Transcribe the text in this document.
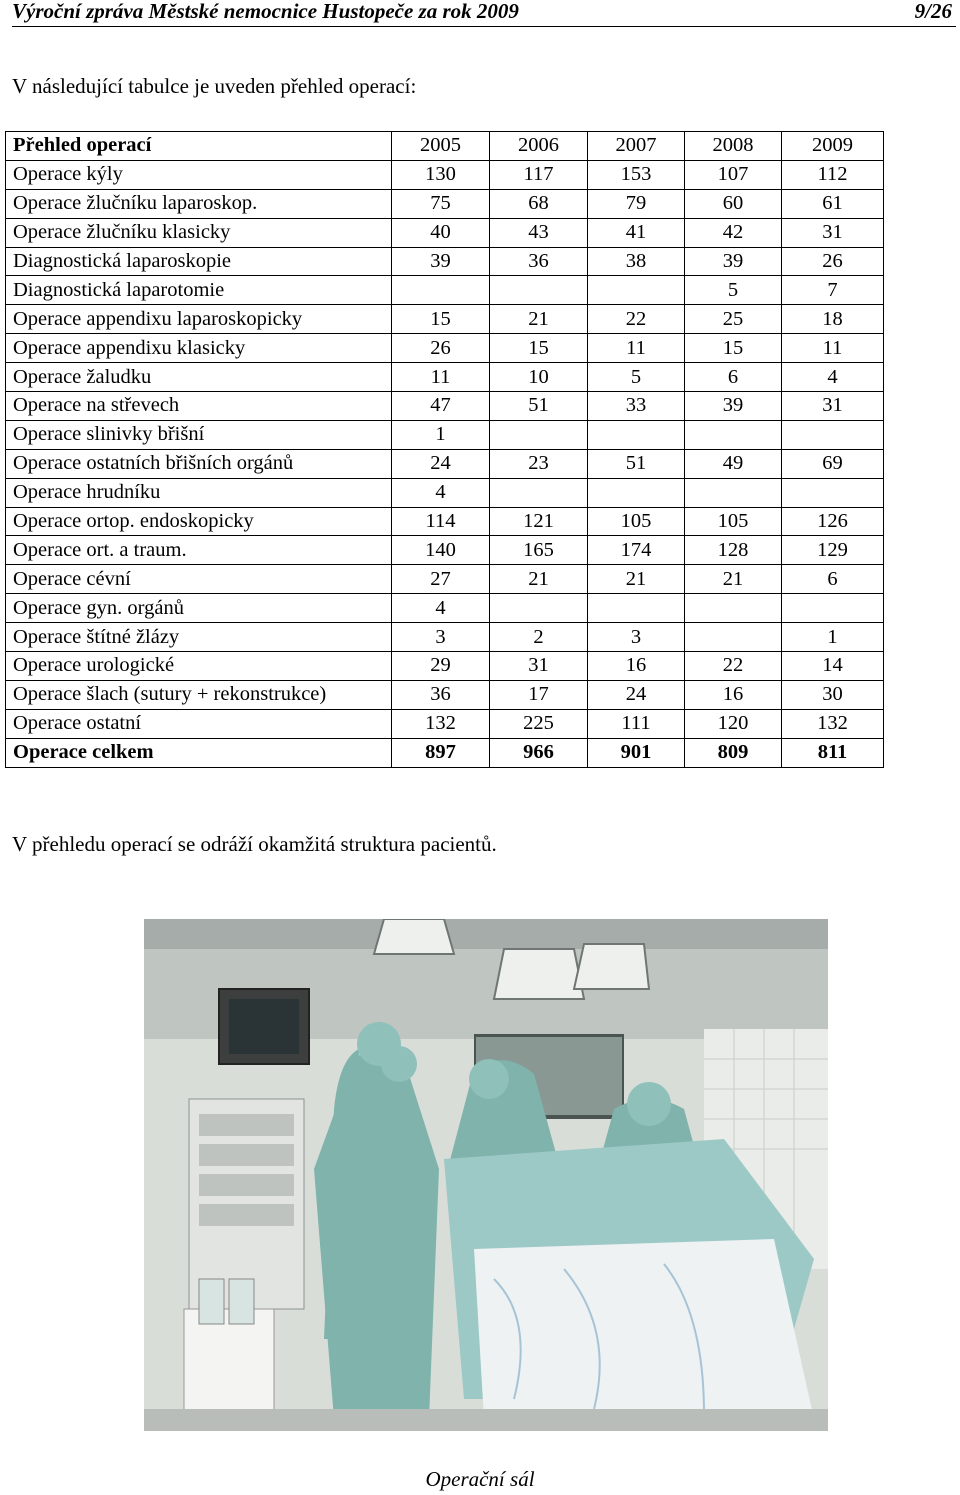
Výroční zpráva Městské nemocnice Hustopeče za rok 2009	9/26
V následující tabulce je uveden přehled operací:
Přehled operací	2005	2006	2007	2008	2009
Operace kýly	130	117	153	107	112
Operace žlučníku laparoskop.	75	68	79	60	61
Operace žlučníku klasicky	40	43	41	42	31
Diagnostická laparoskopie	39	36	38	39	26
Diagnostická laparotomie				5	7
Operace appendixu laparoskopicky	15	21	22	25	18
Operace appendixu klasicky	26	15	11	15	11
Operace žaludku	11	10	5	6	4
Operace na střevech	47	51	33	39	31
Operace slinivky břišní	1				
Operace ostatních břišních orgánů	24	23	51	49	69
Operace hrudníku	4				
Operace ortop. endoskopicky	114	121	105	105	126
Operace ort. a traum.	140	165	174	128	129
Operace cévní	27	21	21	21	6
Operace gyn. orgánů	4				
Operace štítné žlázy	3	2	3		1
Operace urologické	29	31	16	22	14
Operace šlach (sutury + rekonstrukce)	36	17	24	16	30
Operace ostatní	132	225	111	120	132
Operace celkem	897	966	901	809	811
V přehledu operací se odráží okamžitá struktura pacientů.
Operační sál
